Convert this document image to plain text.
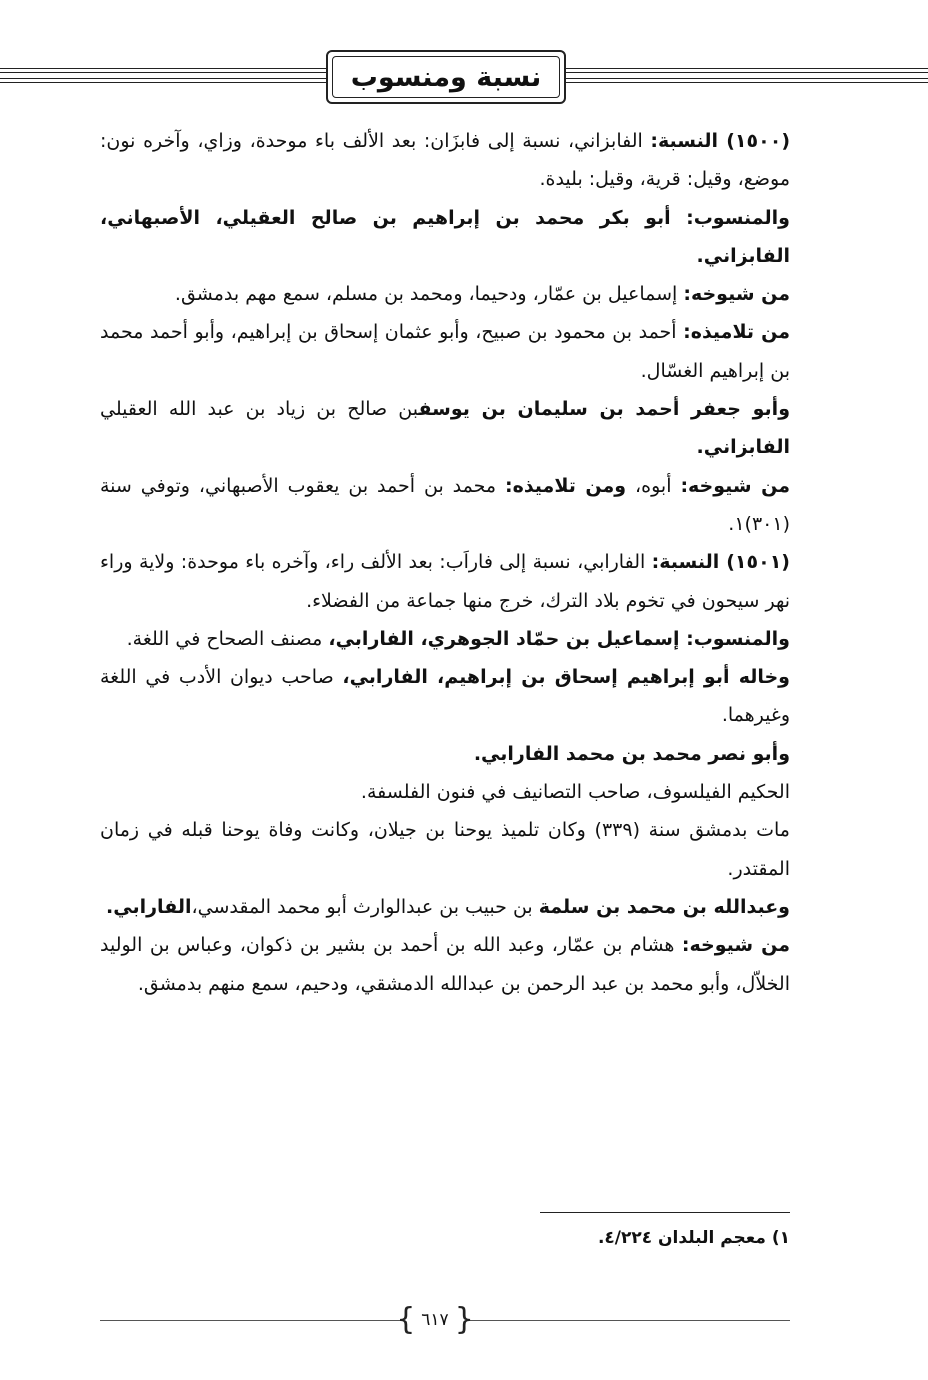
نسبة ومنسوب

(١٥٠٠) النسبة: الفابزاني، نسبة إلى فابزَان: بعد الألف باء موحدة، وزاي، وآخره نون: موضع، وقيل: قرية، وقيل: بليدة.

والمنسوب: أبو بكر محمد بن إبراهيم بن صالح العقيلي، الأصبهاني، الفابزاني.

من شيوخه: إسماعيل بن عمّار، ودحيما، ومحمد بن مسلم، سمع مهم بدمشق.

من تلاميذه: أحمد بن محمود بن صبيح، وأبو عثمان إسحاق بن إبراهيم، وأبو أحمد محمد بن إبراهيم الغسّال.

وأبو جعفر أحمد بن سليمان بن يوسفبن صالح بن زياد بن عبد الله العقيلي الفابزاني.

من شيوخه: أبوه، ومن تلاميذه: محمد بن أحمد بن يعقوب الأصبهاني، وتوفي سنة (٣٠١)١.

(١٥٠١) النسبة: الفارابي، نسبة إلى فاراَب: بعد الألف راء، وآخره باء موحدة: ولاية وراء نهر سيحون في تخوم بلاد الترك، خرج منها جماعة من الفضلاء.

والمنسوب: إسماعيل بن حمّاد الجوهري، الفارابي، مصنف الصحاح في اللغة.

وخاله أبو إبراهيم إسحاق بن إبراهيم، الفارابي، صاحب ديوان الأدب في اللغة وغيرهما.

وأبو نصر محمد بن محمد الفارابي.

الحكيم الفيلسوف، صاحب التصانيف في فنون الفلسفة.

مات بدمشق سنة (٣٣٩) وكان تلميذ يوحنا بن جيلان، وكانت وفاة يوحنا قبله في زمان المقتدر.

وعبدالله بن محمد بن سلمة بن حبيب بن عبدالوارث أبو محمد المقدسي،الفارابي.

من شيوخه: هشام بن عمّار، وعبد الله بن أحمد بن بشير بن ذكوان، وعباس بن الوليد الخلاّل، وأبو محمد بن عبد الرحمن بن عبدالله الدمشقي، ودحيم، سمع منهم بدمشق.

١) معجم البلدان ٤/٢٢٤.
{
٦١٧
}
